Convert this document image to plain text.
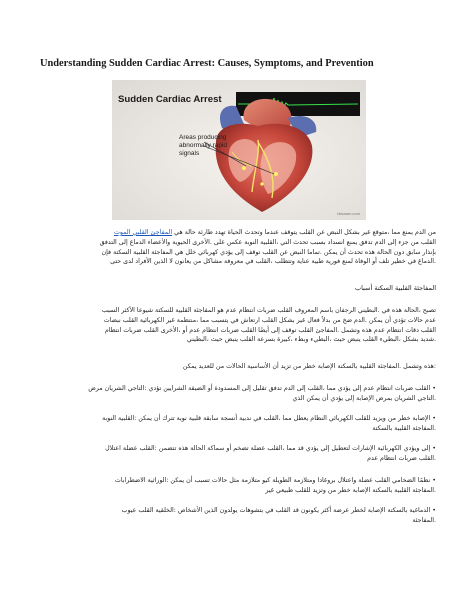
Understanding Sudden Cardiac Arrest: Causes, Symptoms, and Prevention
Sudden Cardiac Arrest
Areas producing abnormally rapid signals
blausen.com
من الدم يمنع مما ،متوقع غير بشكل النبض عن القلب يتوقف عندما وتحدث الحياة تهدد طارئة حالة هي المفاجئ القلبي الموت
القلب من جزء إلى الدم تدفق يمنع انسداد بسبب تحدث التي ،القلبية النوبة عكس على .الأخرى الحيوية والأعضاء الدماغ إلى التدفق
بإنذار سابق دون الحالة هذه تحدث أن يمكن .تماما النبض عن القلب توقف إلى يؤدي كهربائي خلل هي المفاجئة القلبية السكتة فإن
.الدماغ في خطير تلف أو الوفاة لمنع فورية طبية عناية وتتطلب ،القلب في معروفة مشاكل من يعانون لا الذين الأفراد لدى حتى
المفاجئة القلبية السكتة أسباب
تصبح ،الحالة هذه في .البطيني الرجفان باسم المعروف القلب ضربات انتظام عدم هو المفاجئة القلبية للسكتة شيوعا الأكثر السبب
عدم حالات تؤدي أن يمكن .الدم ضخ من بدلاً فعال غير بشكل القلب ارتعاش في يتسبب مما ،منتظمة غير الكهربائية القلب نبضات
القلب دقات انتظام عدم هذه وتشمل .المفاجئ القلب توقف إلى أيضًا القلب ضربات انتظام عدم أو ،الأخرى القلب ضربات انتظام
.شديد بشكل ،البطيء القلب ينبض حيث ،البطيء وبطء ،كبيرة بسرعة القلب ينبض حيث ،البطيني
:هذه وتشمل .المفاجئة القلبية بالسكتة الإصابة خطر من تزيد أن الأساسية الحالات من للعديد يمكن
• القلب ضربات انتظام عدم إلى يؤدي مما ،القلب إلى الدم تدفق تقليل إلى المسدودة أو الضيقة الشرايين تؤدي :التاجي الشريان مرض
.التاجي الشريان بمرض الإصابة إلى يؤدي أن يمكن الذي
• الإصابة خطر من ويزيد للقلب الكهربائي النظام يعطل مما ،القلب في ندبية أنسجة سابقة قلبية نوبة تترك أن يمكن :القلبية النوبة
.المفاجئة القلبية بالسكتة
• إلى ويؤدي الكهربائية الإشارات لتعطيل إلى يؤدي قد مما ،القلب عضلة تضخم أو سماكة الحالة هذه تتضمن :القلب عضلة اعتلال
.القلب ضربات انتظام عدم
• نظمًا الضخامي القلب عضلة واعتلال بروغادا ومتلازمة الطويلة كيو متلازمة مثل حالات تسبب أن يمكن :الوراثية الاضطرابات
.المفاجئة القلبية بالسكتة الإصابة خطر من وتزيد للقلب طبيعي غير
• الدماغية بالسكتة الإصابة لخطر عرضة أكثر يكونون قد القلب في بتشوهات يولدون الذين الأشخاص :الخلقية القلب عيوب
.المفاجئة
